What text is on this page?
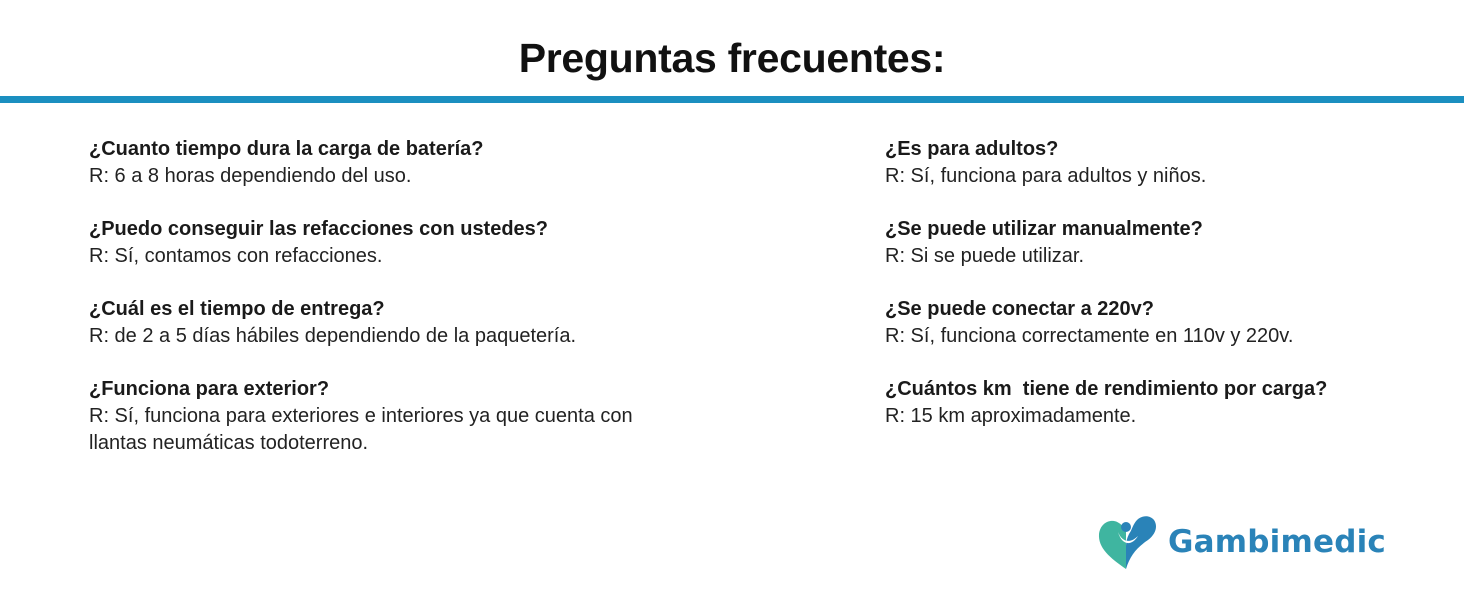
Preguntas frecuentes:
¿Cuanto tiempo dura la carga de batería?
R: 6 a 8 horas dependiendo del uso.
¿Puedo conseguir las refacciones con ustedes?
R: Sí, contamos con refacciones.
¿Cuál es el tiempo de entrega?
R: de 2 a 5 días hábiles dependiendo de la paquetería.
¿Funciona para exterior?
R: Sí, funciona para exteriores e interiores ya que cuenta con llantas neumáticas todoterreno.
¿Es para adultos?
R: Sí, funciona para adultos y niños.
¿Se puede utilizar manualmente?
R: Si se puede utilizar.
¿Se puede conectar a 220v?
R: Sí, funciona correctamente en 110v y 220v.
¿Cuántos km  tiene de rendimiento por carga?
R: 15 km aproximadamente.
Gambimedic
